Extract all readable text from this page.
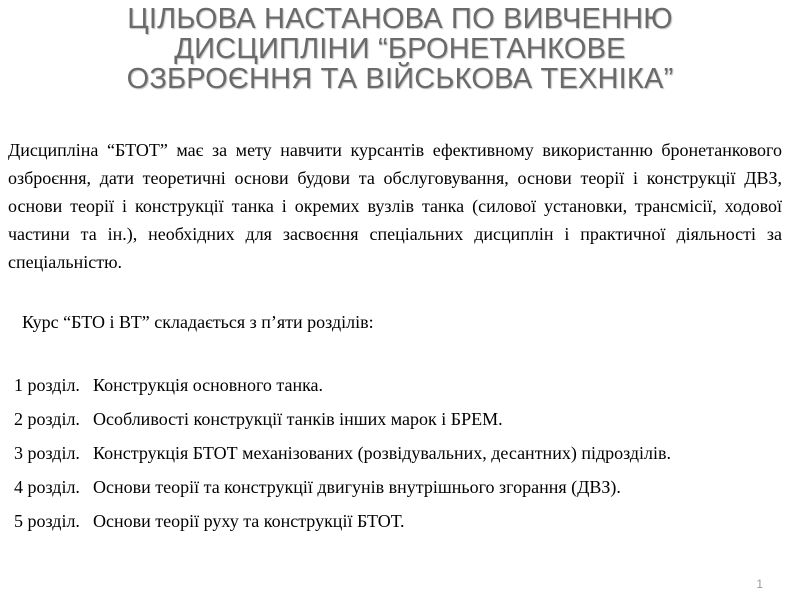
ЦІЛЬОВА НАСТАНОВА ПО ВИВЧЕННЮ
ДИСЦИПЛІНИ “БРОНЕТАНКОВЕ
ОЗБРОЄННЯ ТА ВІЙСЬКОВА ТЕХНІКА”

Дисципліна “БТОТ” має за мету навчити курсантів ефективному використанню бронетанкового озброєння, дати теоретичні основи будови та обслуговування, основи теорії і конструкції ДВЗ, основи теорії і конструкції танка і окремих вузлів танка (силової установки, трансмісії, ходової частини та ін.), необхідних для засвоєння спеціальних дисциплін і практичної діяльності за спеціальністю.

Курс “БТО і ВТ” складається з п’яти розділів:

1 розділ. Конструкція основного танка.
2 розділ. Особливості конструкції танків інших марок і БРЕМ.
3 розділ. Конструкція БТОТ механізованих (розвідувальних, десантних) підрозділів.
4 розділ. Основи теорії та конструкції двигунів внутрішнього згорання (ДВЗ).
5 розділ. Основи теорії руху та конструкції БТОТ.
1
